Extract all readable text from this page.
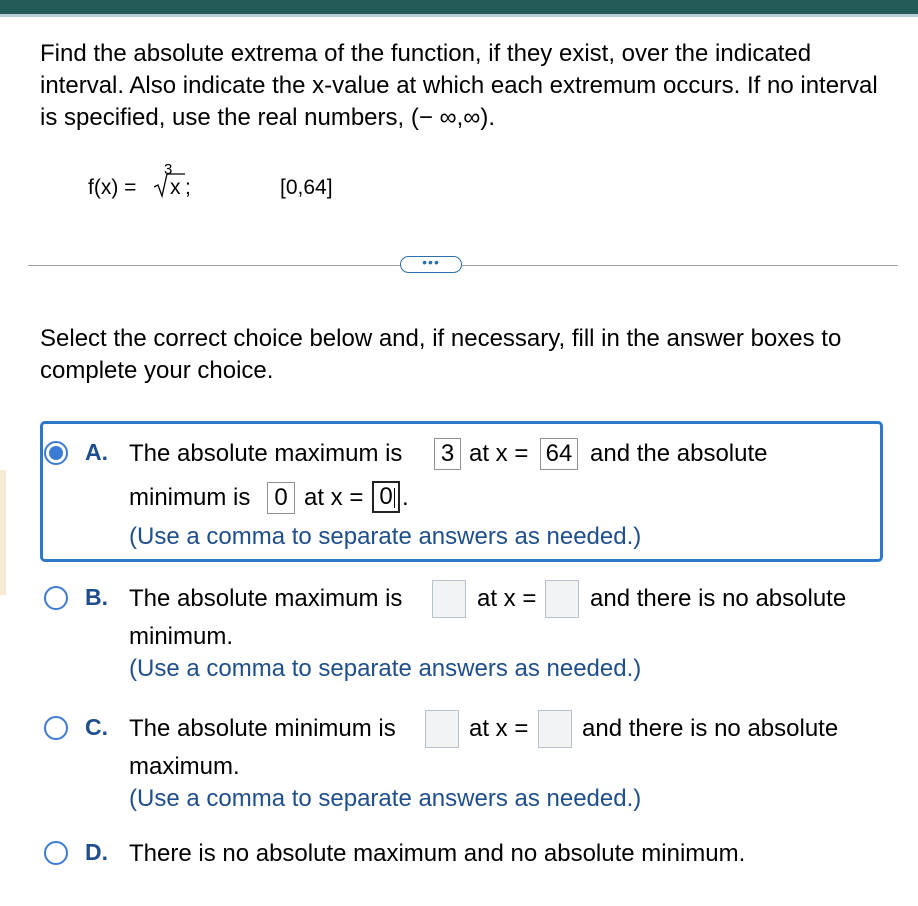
Find the absolute extrema of the function, if they exist, over the indicated interval. Also indicate the x-value at which each extremum occurs. If no interval is specified, use the real numbers, (− ∞,∞).
f(x) =
3
x ;	[0,64]
•••
Select the correct choice below and, if necessary, fill in the answer boxes to complete your choice.
A. The absolute maximum is 3 at x = 64 and the absolute
minimum is 0 at x = 0 .
(Use a comma to separate answers as needed.)
B. The absolute maximum is	at x = and there is no absolute
minimum.
(Use a comma to separate answers as needed.)
C. The absolute minimum is	at x = and there is no absolute
maximum.
(Use a comma to separate answers as needed.)
D. There is no absolute maximum and no absolute minimum.
